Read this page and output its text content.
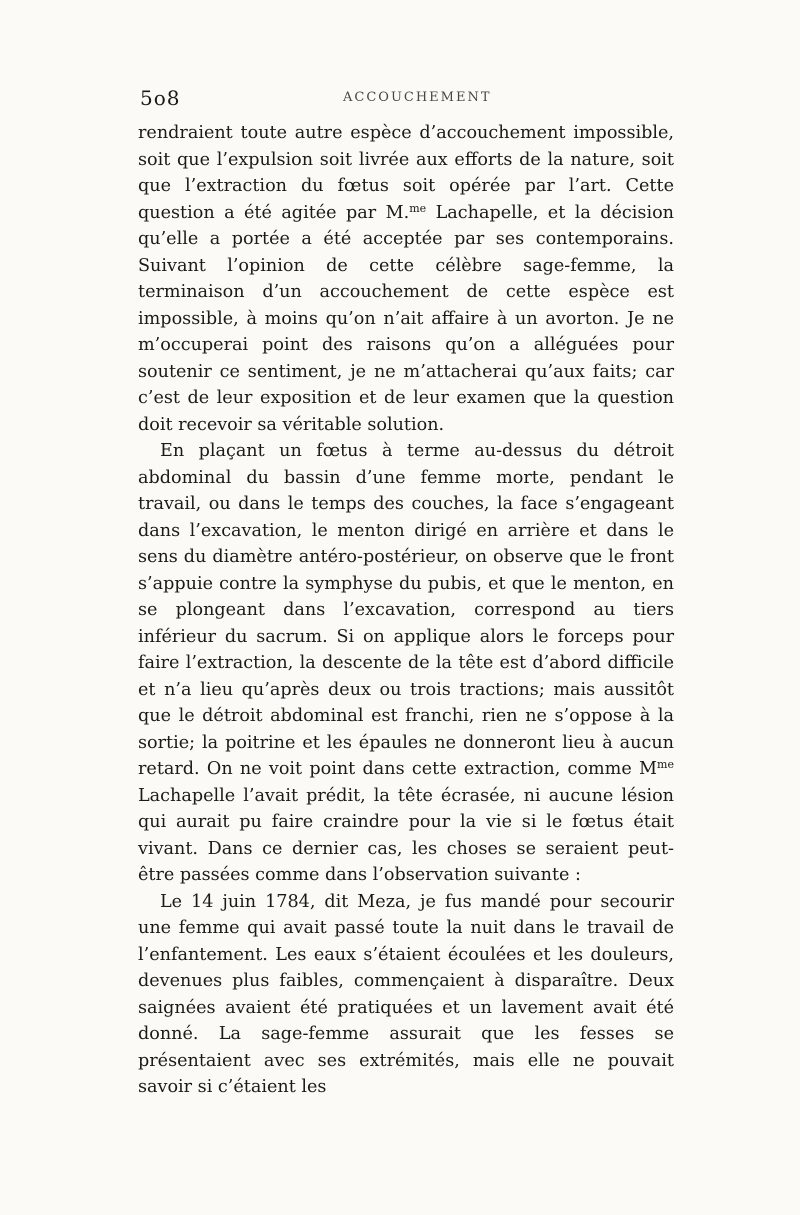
5o8	ACCOUCHEMENT

rendraient toute autre espèce d’accouchement impossible, soit que l’expulsion soit livrée aux efforts de la nature, soit que l’extraction du fœtus soit opérée par l’art. Cette question a été agitée par M.$^{me}$ Lachapelle, et la décision qu’elle a portée a été acceptée par ses contemporains. Suivant l’opinion de cette célèbre sage-femme, la terminaison d’un accouchement de cette espèce est impossible, à moins qu’on n’ait affaire à un avorton. Je ne m’occuperai point des raisons qu’on a alléguées pour soutenir ce sentiment, je ne m’attacherai qu’aux faits; car c’est de leur exposition et de leur examen que la question doit recevoir sa véritable solution.

En plaçant un fœtus à terme au-dessus du détroit abdominal du bassin d’une femme morte, pendant le travail, ou dans le temps des couches, la face s’engageant dans l’excavation, le menton dirigé en arrière et dans le sens du diamètre antéro-postérieur, on observe que le front s’appuie contre la symphyse du pubis, et que le menton, en se plongeant dans l’excavation, correspond au tiers inférieur du sacrum. Si on applique alors le forceps pour faire l’extraction, la descente de la tête est d’abord difficile et n’a lieu qu’après deux ou trois tractions; mais aussitôt que le détroit abdominal est franchi, rien ne s’oppose à la sortie; la poitrine et les épaules ne donneront lieu à aucun retard. On ne voit point dans cette extraction, comme $M^{me}$ Lachapelle l’avait prédit, la tête écrasée, ni aucune lésion qui aurait pu faire craindre pour la vie si le fœtus était vivant. Dans ce dernier cas, les choses se seraient peut-être passées comme dans l’observation suivante :

Le 14 juin 1784, dit Meza, je fus mandé pour secourir une femme qui avait passé toute la nuit dans le travail de l’enfantement. Les eaux s’étaient écoulées et les douleurs, devenues plus faibles, commençaient à disparaître. Deux saignées avaient été pratiquées et un lavement avait été donné. La sage-femme assurait que les fesses se présentaient avec ses extrémités, mais elle ne pouvait savoir si c’étaient les
